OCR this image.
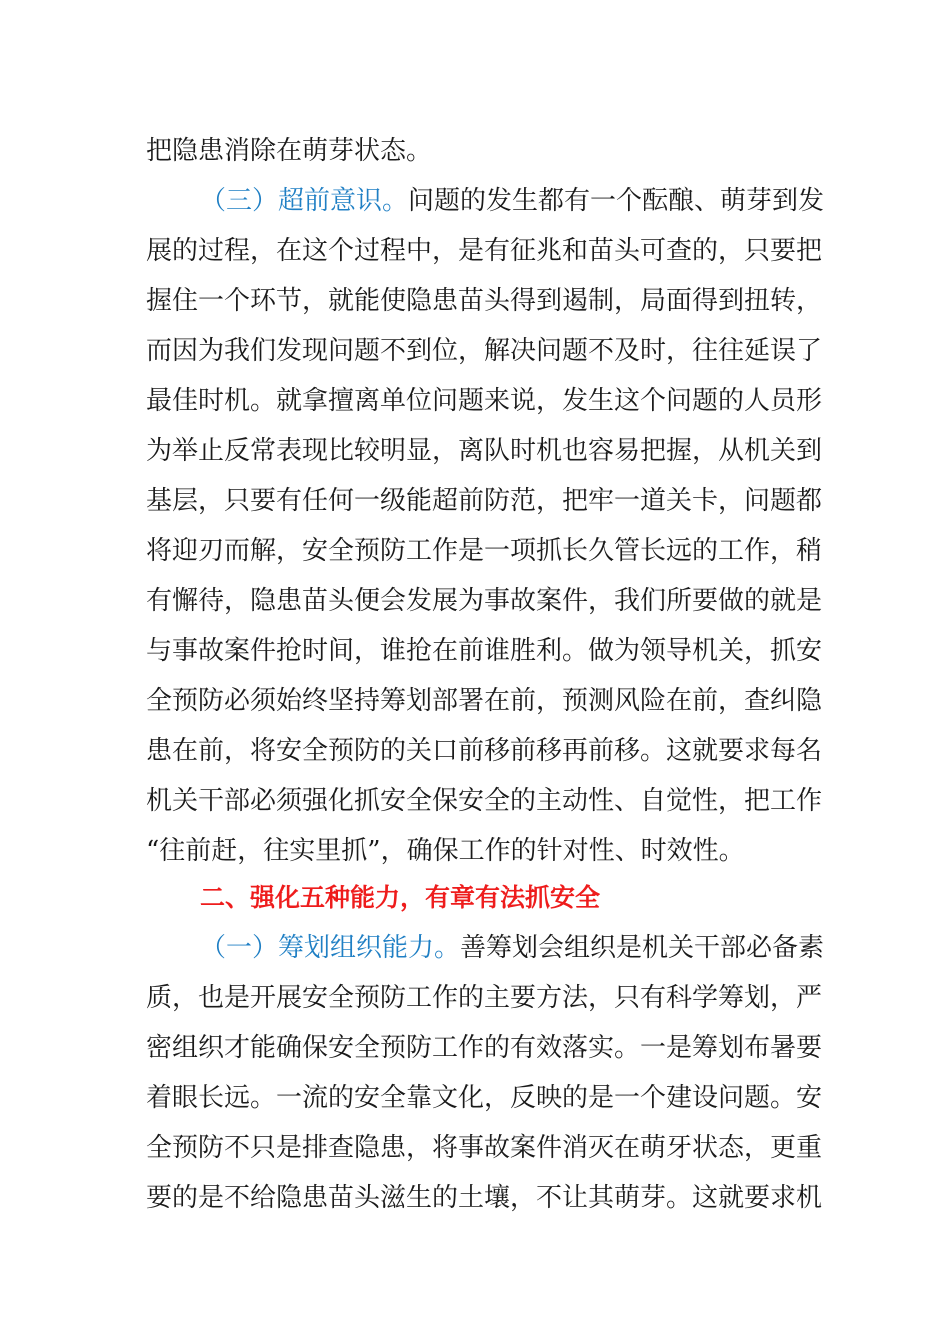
把隐患消除在萌芽状态。
（三）超前意识。问题的发生都有一个酝酿、萌芽到发
展的过程，在这个过程中，是有征兆和苗头可查的，只要把
握住一个环节，就能使隐患苗头得到遏制，局面得到扭转，
而因为我们发现问题不到位，解决问题不及时，往往延误了
最佳时机。就拿擅离单位问题来说，发生这个问题的人员形
为举止反常表现比较明显，离队时机也容易把握，从机关到
基层，只要有任何一级能超前防范，把牢一道关卡，问题都
将迎刃而解，安全预防工作是一项抓长久管长远的工作，稍
有懈待，隐患苗头便会发展为事故案件，我们所要做的就是
与事故案件抢时间，谁抢在前谁胜利。做为领导机关，抓安
全预防必须始终坚持筹划部署在前，预测风险在前，查纠隐
患在前，将安全预防的关口前移前移再前移。这就要求每名
机关干部必须强化抓安全保安全的主动性、自觉性，把工作
“往前赶，往实里抓”，确保工作的针对性、时效性。
二、强化五种能力，有章有法抓安全
（一）筹划组织能力。善筹划会组织是机关干部必备素
质，也是开展安全预防工作的主要方法，只有科学筹划，严
密组织才能确保安全预防工作的有效落实。一是筹划布暑要
着眼长远。一流的安全靠文化，反映的是一个建设问题。安
全预防不只是排查隐患，将事故案件消灭在萌牙状态，更重
要的是不给隐患苗头滋生的土壤，不让其萌芽。这就要求机
